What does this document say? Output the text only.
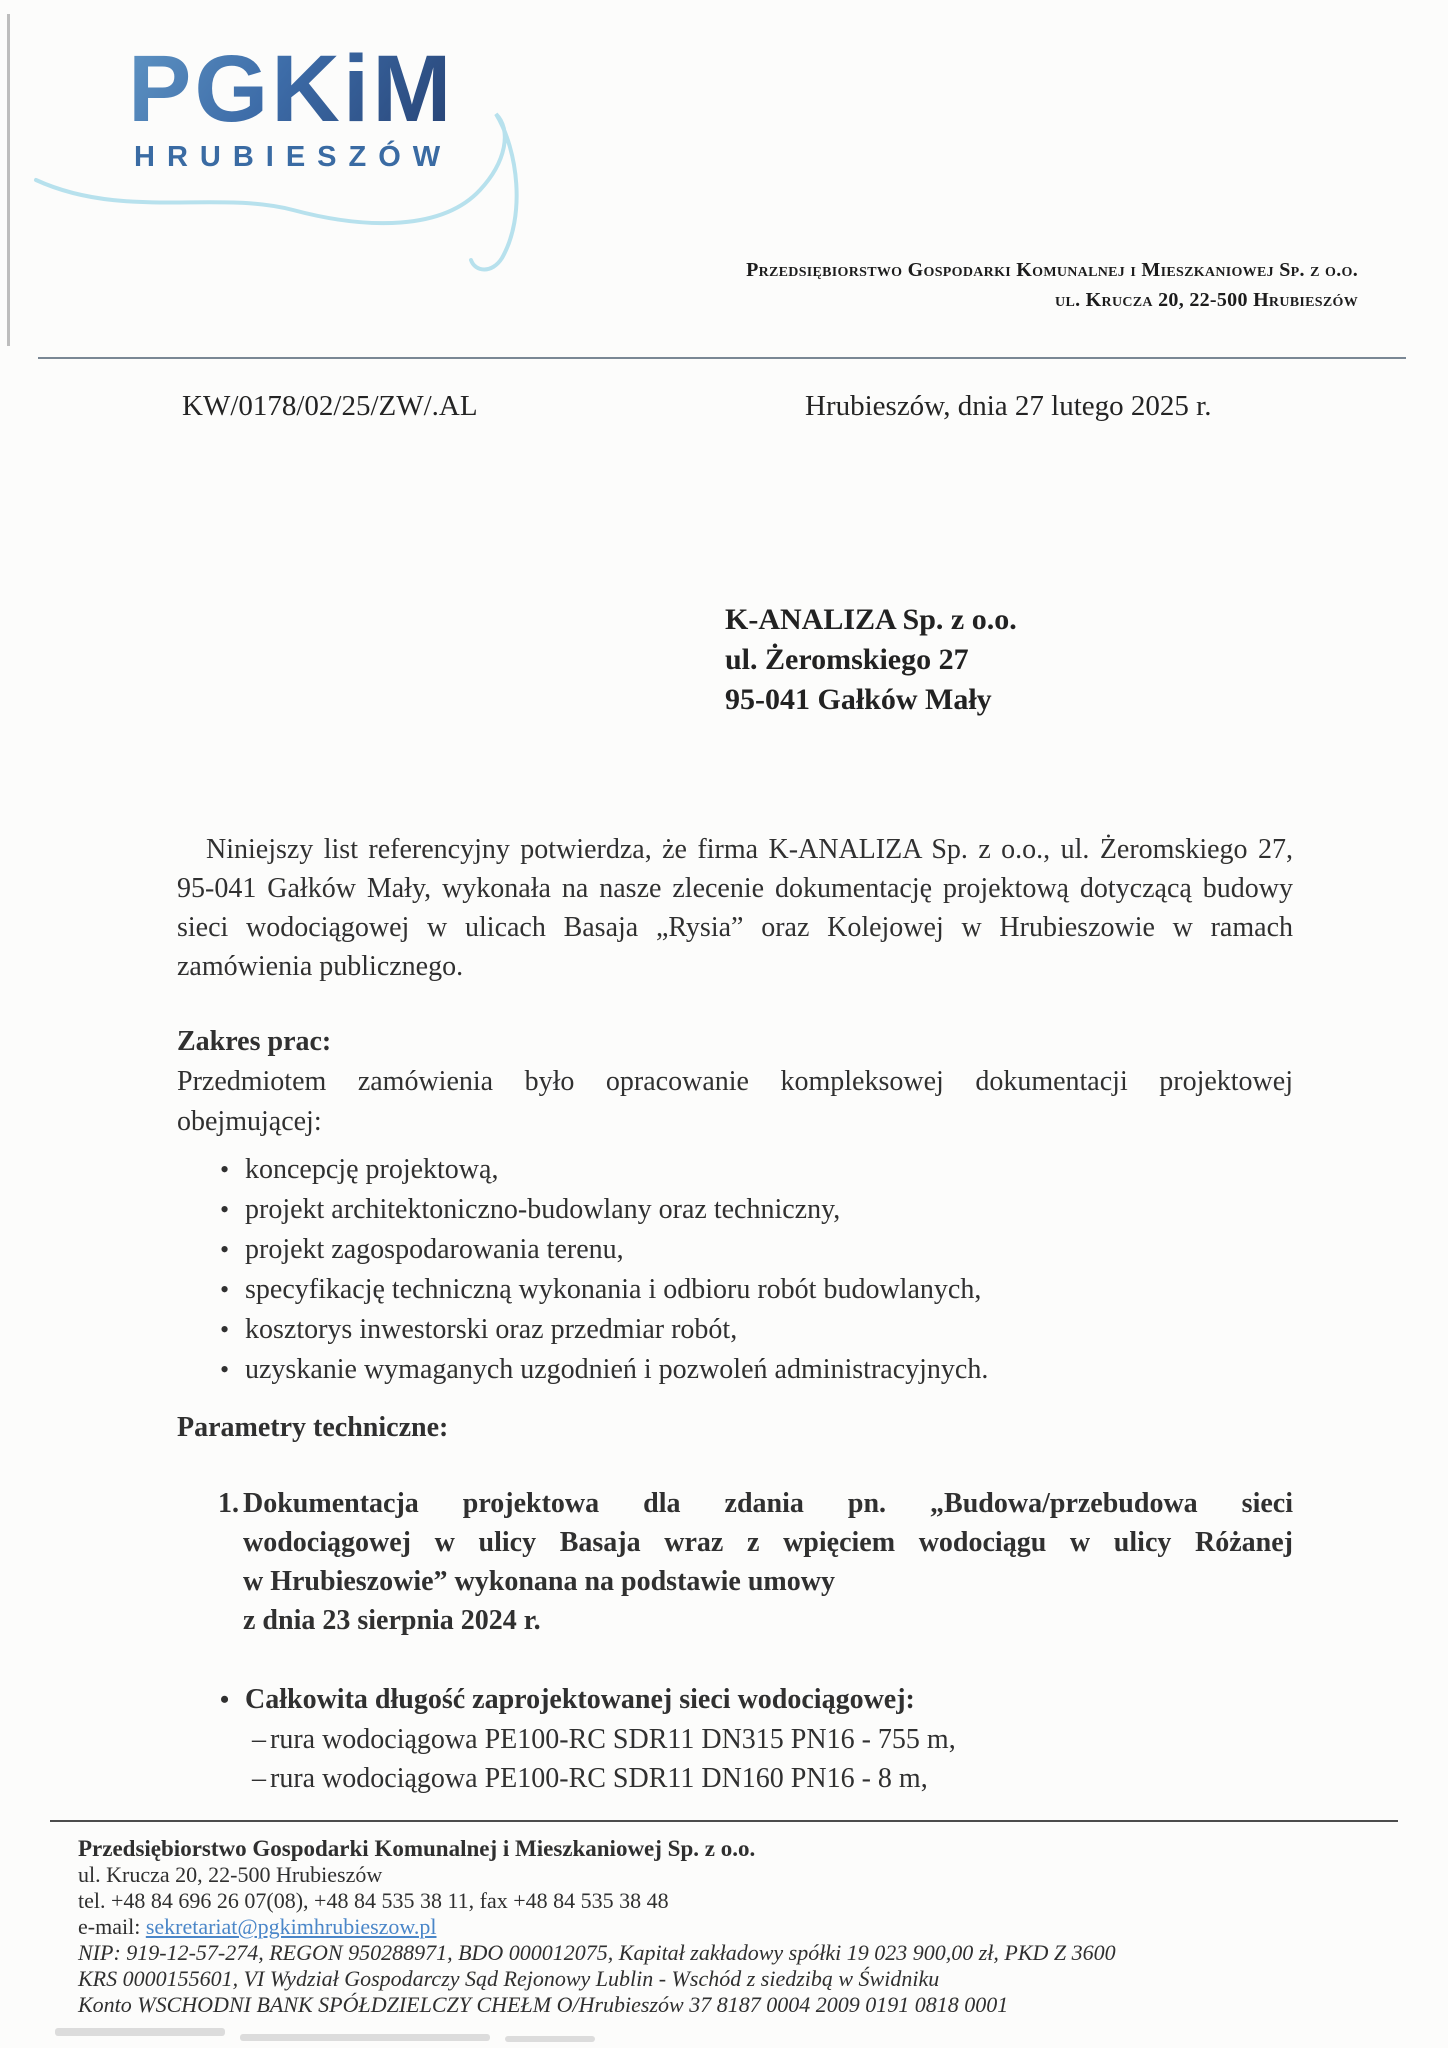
PGKiM
HRUBIESZÓW
Przedsiębiorstwo Gospodarki Komunalnej i Mieszkaniowej Sp. z o.o.
ul. Krucza 20, 22-500 Hrubieszów
KW/0178/02/25/ZW/.AL	Hrubieszów, dnia 27 lutego 2025 r.
K-ANALIZA Sp. z o.o.
ul. Żeromskiego 27
95-041 Gałków Mały

Niniejszy list referencyjny potwierdza, że firma K-ANALIZA Sp. z o.o., ul. Żeromskiego 27, 95-041 Gałków Mały, wykonała na nasze zlecenie dokumentację projektową dotyczącą budowy sieci wodociągowej w ulicach Basaja „Rysia” oraz Kolejowej w Hrubieszowie w ramach zamówienia publicznego.

Zakres prac:

Przedmiotem zamówienia było opracowanie kompleksowej dokumentacji projektowej obejmującej:

• koncepcję projektową,
• projekt architektoniczno-budowlany oraz techniczny,
• projekt zagospodarowania terenu,
• specyfikację techniczną wykonania i odbioru robót budowlanych,
• kosztorys inwestorski oraz przedmiar robót,
• uzyskanie wymaganych uzgodnień i pozwoleń administracyjnych.
Parametry techniczne:
1. Dokumentacja projektowa dla zdania pn. „Budowa/przebudowa sieci
wodociągowej w ulicy Basaja wraz z wpięciem wodociągu w ulicy Różanej
w Hrubieszowie” wykonana na podstawie umowy
z dnia 23 sierpnia 2024 r.
• Całkowita długość zaprojektowanej sieci wodociągowej:
– rura wodociągowa PE100-RC SDR11 DN315 PN16 - 755 m,
– rura wodociągowa PE100-RC SDR11 DN160 PN16 - 8 m,
Przedsiębiorstwo Gospodarki Komunalnej i Mieszkaniowej Sp. z o.o.
ul. Krucza 20, 22-500 Hrubieszów
tel. +48 84 696 26 07(08), +48 84 535 38 11, fax +48 84 535 38 48
e-mail: sekretariat@pgkimhrubieszow.pl
NIP: 919-12-57-274, REGON 950288971, BDO 000012075, Kapitał zakładowy spółki 19 023 900,00 zł, PKD Z 3600
KRS 0000155601, VI Wydział Gospodarczy Sąd Rejonowy Lublin - Wschód z siedzibą w Świdniku
Konto WSCHODNI BANK SPÓŁDZIELCZY CHEŁM O/Hrubieszów 37 8187 0004 2009 0191 0818 0001
